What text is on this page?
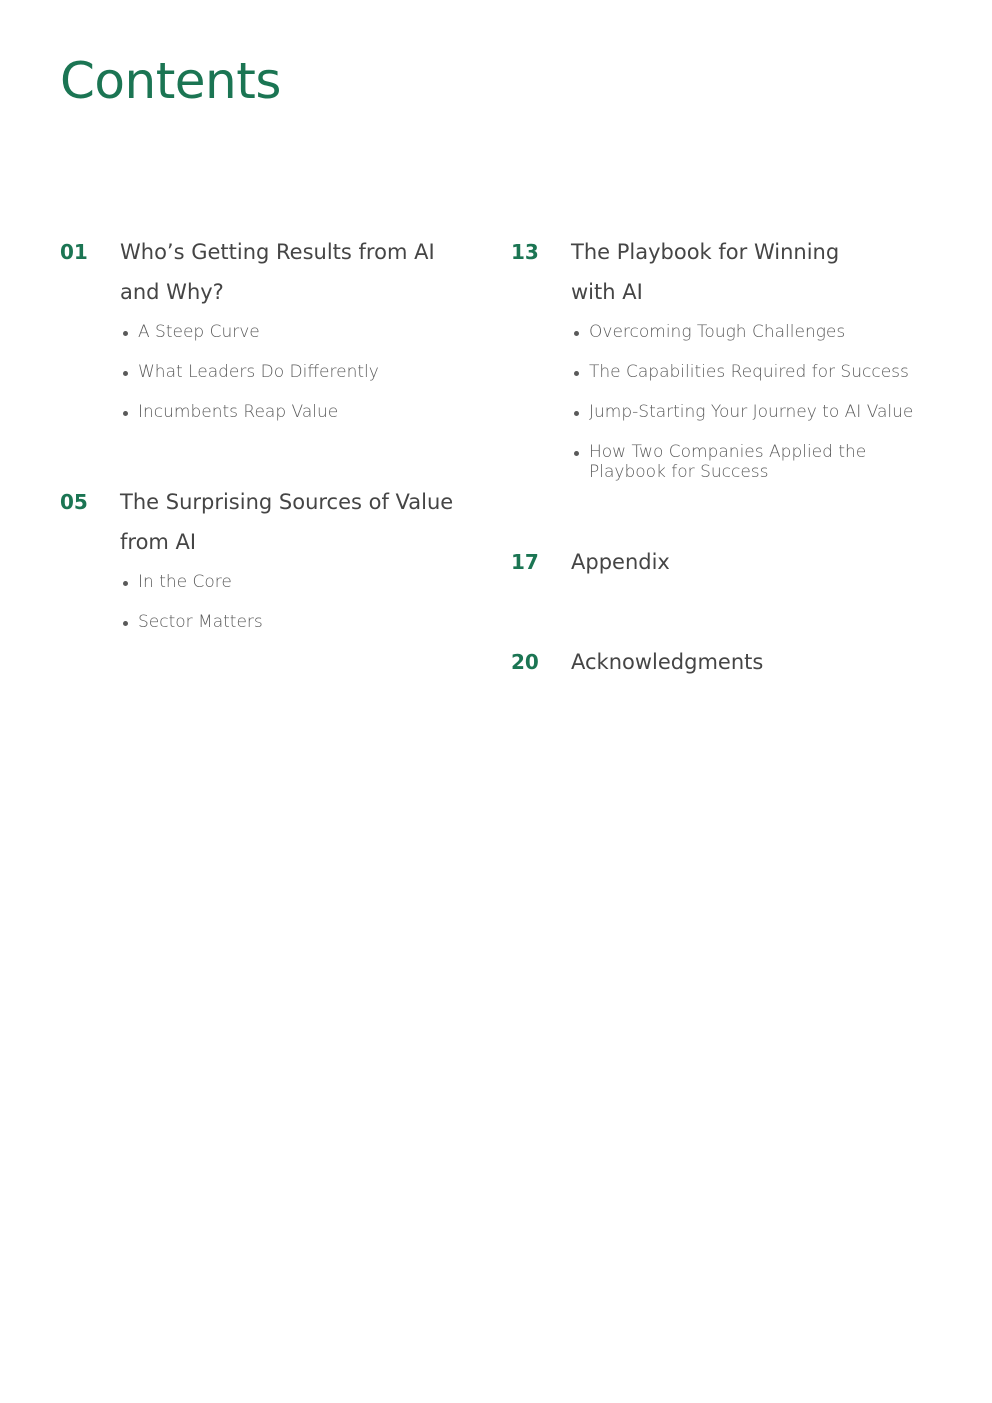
Contents
01 Who’s Getting Results from AI and Why?

A Steep Curve
What Leaders Do Differently
Incumbents Reap Value
05 The Surprising Sources of Value from AI

In the Core
Sector Matters
13 The Playbook for Winning with AI

Overcoming Tough Challenges
The Capabilities Required for Success
Jump-Starting Your Journey to AI Value
How Two Companies Applied the Playbook for Success
17 Appendix

20 Acknowledgments
